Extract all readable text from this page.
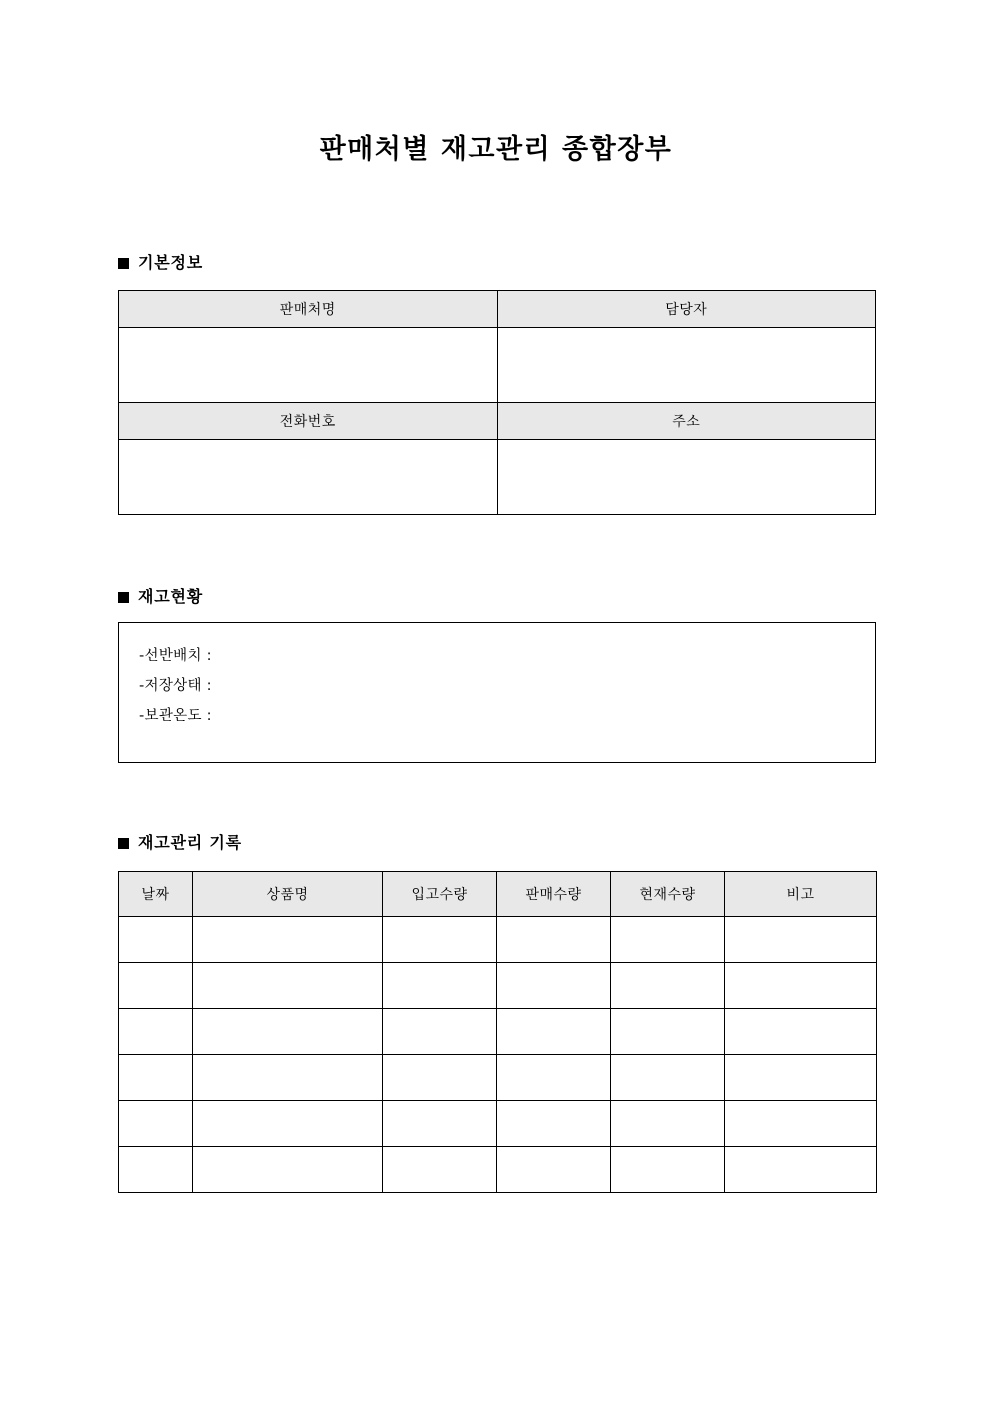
판매처별 재고관리 종합장부
기본정보
판매처명	담당자

전화번호	주소

재고현황
-선반배치 :
-저장상태 :
-보관온도 :
재고관리 기록
날짜	상품명	입고수량	판매수량	현재수량	비고
